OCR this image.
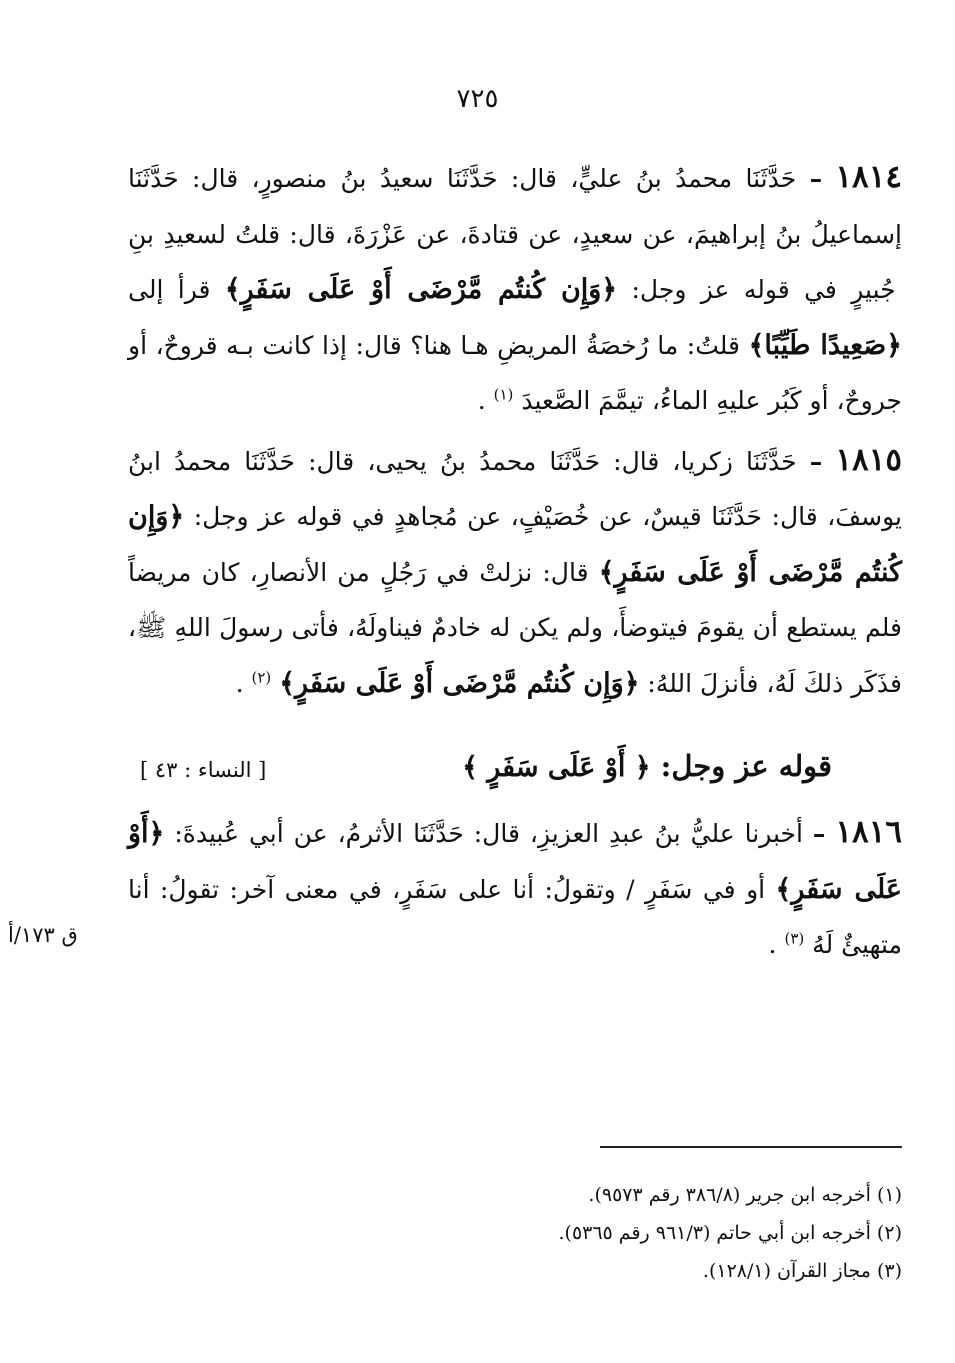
٧٢٥

١٨١٤ – حَدَّثَنَا محمدُ بنُ عليٍّ، قال: حَدَّثَنَا سعيدُ بنُ منصورٍ، قال: حَدَّثَنَا إسماعيلُ بنُ إبراهيمَ، عن سعيدٍ، عن قتادةَ، عن عَزْرَةَ، قال: قلتُ لسعيدِ بنِ جُبيرٍ في قوله عز وجل: ﴿وَإِن كُنتُم مَّرْضَى أَوْ عَلَى سَفَرٍ﴾ قرأ إلى ﴿صَعِيدًا طَيِّبًا﴾ قلتُ: ما رُخصَةُ المريضِ هـا هنا؟ قال: إذا كانت بـه قروحٌ، أو جروحٌ، أو كَبُر عليهِ الماءُ، تيمَّمَ الصَّعيدَ $^{(١)}$ .

١٨١٥ – حَدَّثَنَا زكريا، قال: حَدَّثَنَا محمدُ بنُ يحيى، قال: حَدَّثَنَا محمدُ ابنُ يوسفَ، قال: حَدَّثَنَا قيسٌ، عن خُصَيْفٍ، عن مُجاهدٍ في قوله عز وجل: ﴿وَإِن كُنتُم مَّرْضَى أَوْ عَلَى سَفَرٍ﴾ قال: نزلتْ في رَجُلٍ من الأنصارِ، كان مريضاً فلم يستطع أن يقومَ فيتوضأَ، ولم يكن له خادمٌ فيناولَهُ، فأتى رسولَ اللهِ ﷺ، فذَكَر ذلكَ لَهُ، فأنزلَ اللهُ: ﴿وَإِن كُنتُم مَّرْضَى أَوْ عَلَى سَفَرٍ﴾ $^{(٢)}$ .

قوله عز وجل: ﴿ أَوْ عَلَى سَفَرٍ ﴾
[ النساء : ٤٣ ]

١٨١٦ – أخبرنا عليُّ بنُ عبدِ العزيزِ، قال: حَدَّثَنَا الأثرمُ، عن أبي عُبيدةَ: ﴿أَوْ عَلَى سَفَرٍ﴾ أو في سَفَرٍ / وتقولُ: أنا على سَفَرٍ، في معنى آخر: تقولُ: أنا متهيئٌ لَهُ $^{(٣)}$ .

ق ١٧٣/أ

(١) أخرجه ابن جرير (٣٨٦/٨ رقم ٩٥٧٣).

(٢) أخرجه ابن أبي حاتم (٩٦١/٣ رقم ٥٣٦٥).

(٣) مجاز القرآن (١٢٨/١).
